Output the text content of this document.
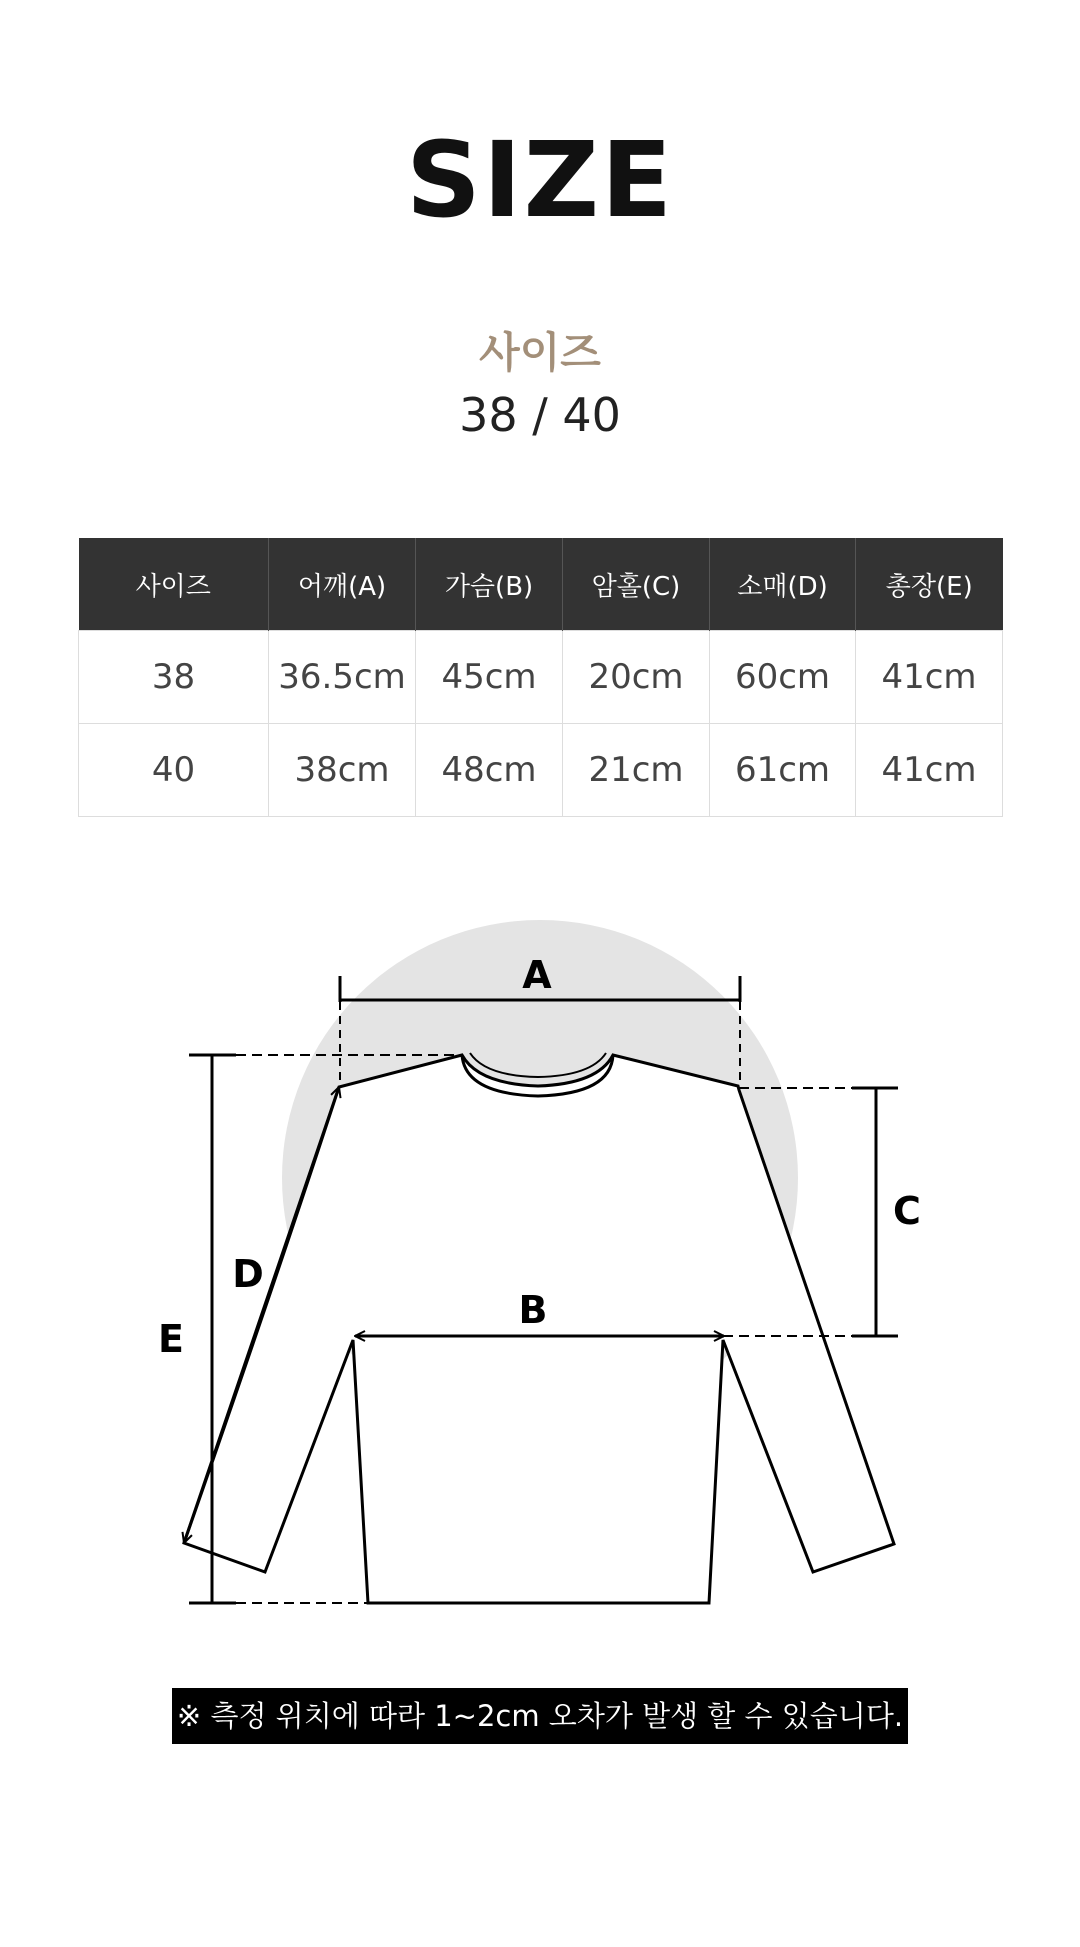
SIZE
사이즈
38 / 40
사이즈	어깨(A)	가슴(B)	암홀(C)	소매(D)	총장(E)
38	36.5cm	45cm	20cm	60cm	41cm
40	38cm	48cm	21cm	61cm	41cm
A
B
C
D
E
※ 측정 위치에 따라 1~2cm 오차가 발생 할 수 있습니다.
